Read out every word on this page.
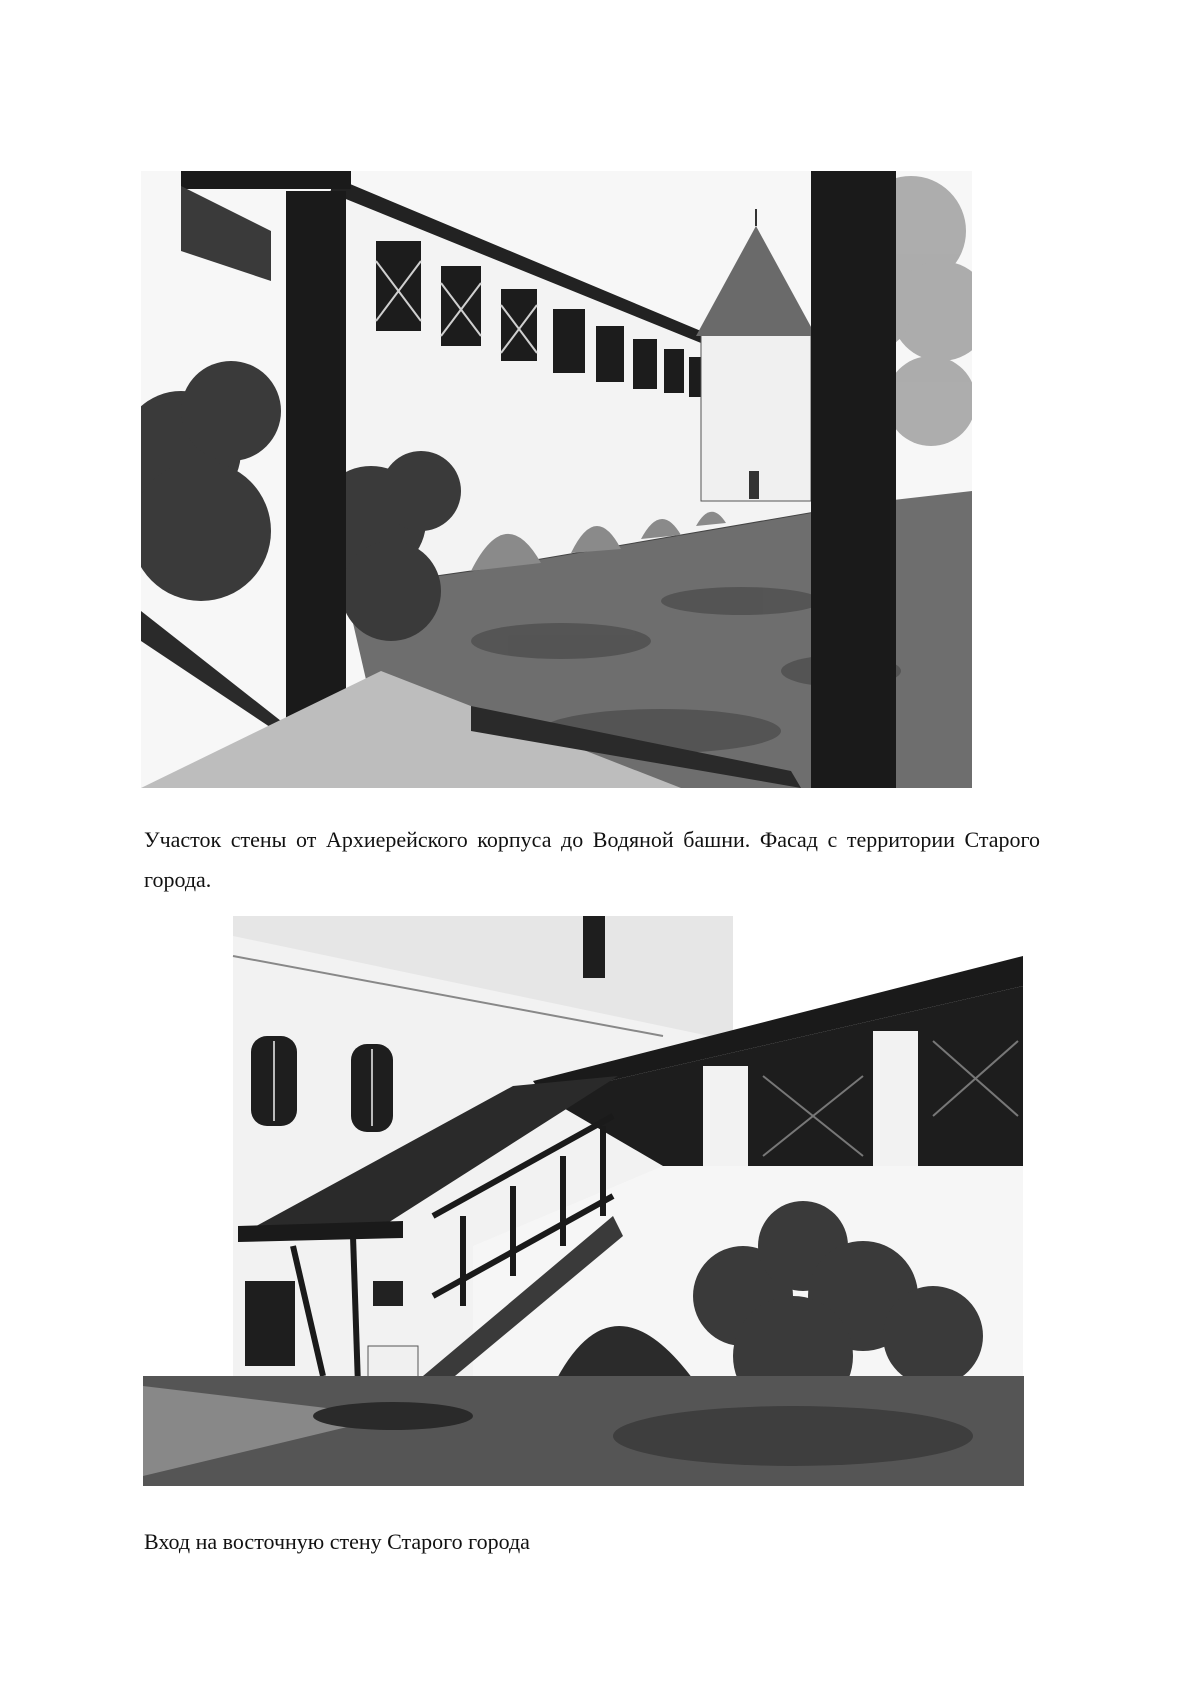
Участок стены от Архиерейского корпуса до Водяной башни. Фасад с территории Старого города.

Вход на восточную стену Старого города
